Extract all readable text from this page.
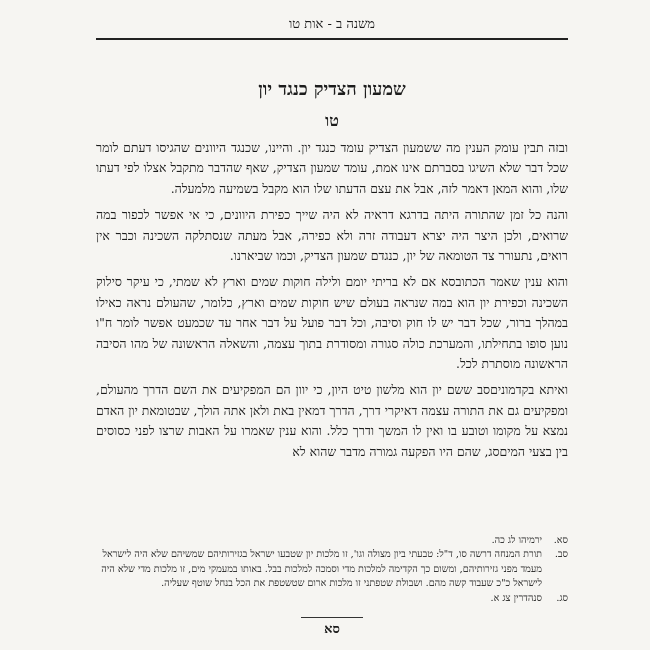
משנה ב - אות טו
שמעון הצדיק כנגד יון
טו

ובזה תבין עומק הענין מה ששמעון הצדיק עומד כנגד יון. והיינו, שכנגד היוונים שהגיסו דעתם לומר שכל דבר שלא השיגו בסברתם אינו אמת, עומד שמעון הצדיק, שאף שהדבר מתקבל אצלו לפי דעתו שלו, והוא המאן דאמר לזה, אבל את עצם הדעתו שלו הוא מקבל בשמיעה מלמעלה.

והנה כל זמן שהתורה היתה בדרגא דראיה לא היה שייך כפירת היוונים, כי אי אפשר לכפור במה שרואים, ולכן היצר היה יצרא דעבודה זרה ולא כפירה, אבל מעתה שנסתלקה השכינה וכבר אין רואים, נתעורר צד הטומאה של יון, כנגדם שמעון הצדיק, וכמו שביארנו.

והוא ענין שאמר הכתובסא אם לא בריתי יומם ולילה חוקות שמים וארץ לא שמתי, כי עיקר סילוק השכינה וכפירת יון הוא במה שנראה בעולם שיש חוקות שמים וארץ, כלומר, שהעולם נראה כאילו במהלך ברור, שכל דבר יש לו חוק וסיבה, וכל דבר פועל על דבר אחר עד שכמעט אפשר לומר ח"ו נוען סופו בתחילתו, והמערכת כולה סגורה ומסודרת בתוך עצמה, והשאלה הראשונה של מהו הסיבה הראשונה מוסתרת לכל.

ואיתא בקדמוניםסב ששם יון הוא מלשון טיט היון, כי יוון הם המפקיעים את השם הדרך מהעולם, ומפקיעים גם את התורה עצמה דאיקרי דרך, הדרך דמאין באת ולאן אתה הולך, שבטומאת יון האדם נמצא על מקומו וטובע בו ואין לו המשך ודרך כלל. והוא ענין שאמרו על האבות שרצו לפני כסוסים בין בצעי המיםסג, שהם היו הפקעה גמורה מדבר שהוא לא

סא.
ירמיהו לג כה.
סב.
תורת המנחה דרשה סו, ד"ל: טבעתי ביון מצולה וגו', זו מלכות יון שטבעו ישראל בגזירותיהם שמשיהם שלא היה לישראל מעמד מפני גזירותיהם, ומשום כך הקדימה למלכות מדי וסמכה למלכות בבל. באותו במעמקי מים, זו מלכות מדי שלא היה לישראל כ"כ שעבוד קשה מהם. ושבולת שטפתני זו מלכות ארום שטשטפת את הכל בנחל שוטף שעליה.
סג.
סנהדרין צג א.
סא
